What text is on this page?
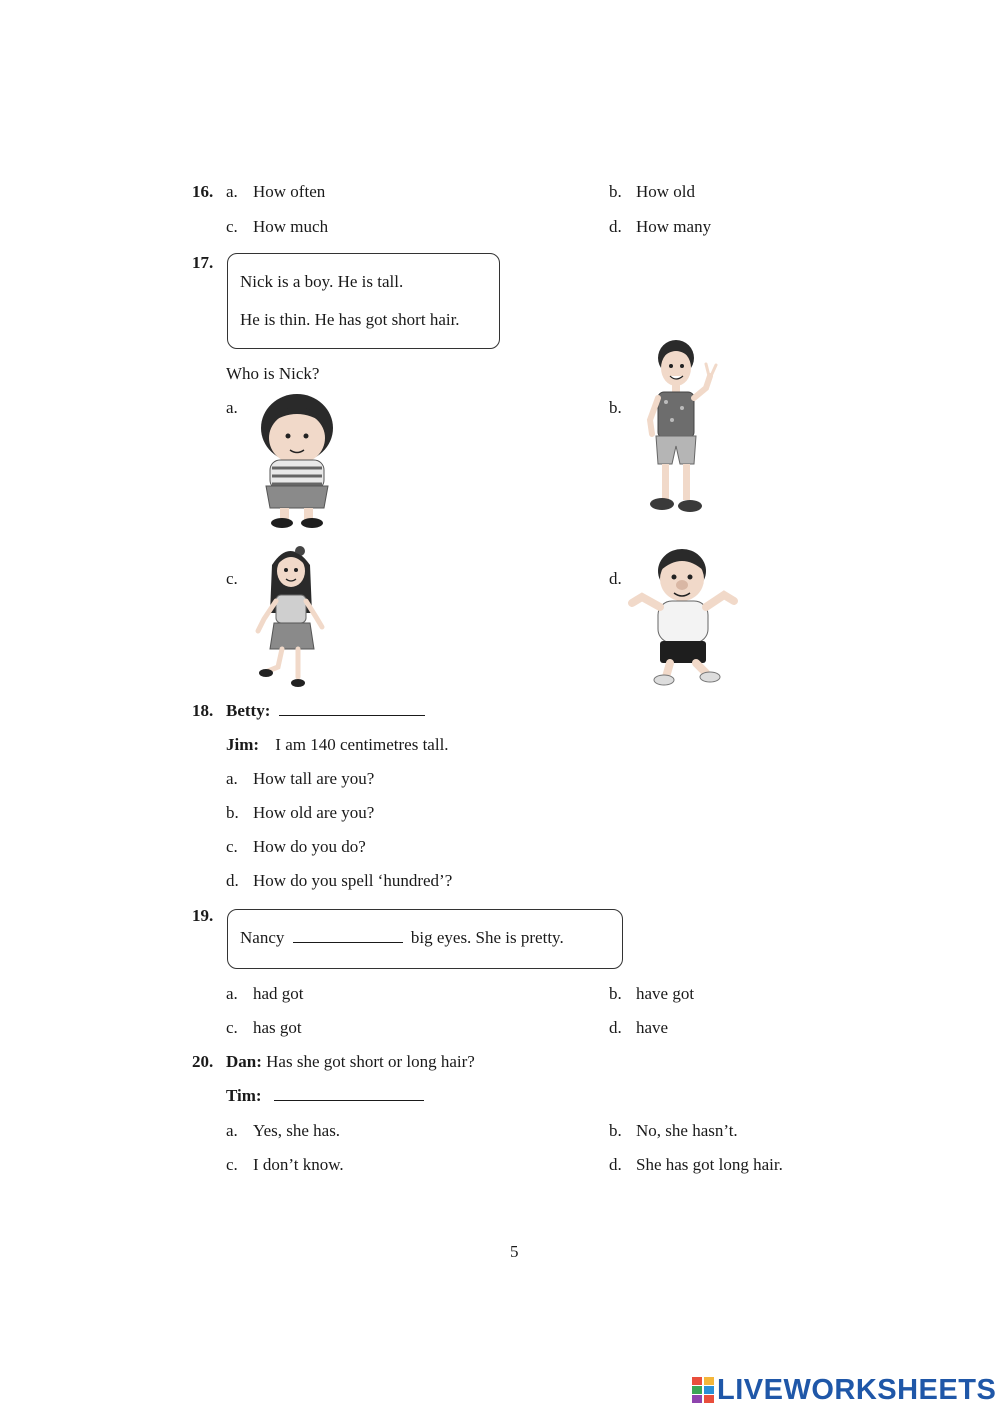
16. a. How often	b. How old
c. How much	d. How many
17.
Nick is a boy. He is tall.
He is thin. He has got short hair.
Who is Nick?
a.	b.
c.	d.
18. Betty:
Jim: I am 140 centimetres tall.
a. How tall are you?
b. How old are you?
c. How do you do?
d. How do you spell ‘hundred’?
19.
Nancy	big eyes. She is pretty.
a. had got	b. have got
c. has got	d. have
20. Dan: Has she got short or long hair?
Tim:
a. Yes, she has.	b. No, she hasn’t.
c. I don’t know.	d. She has got long hair.
5
LIVEWORKSHEETS
